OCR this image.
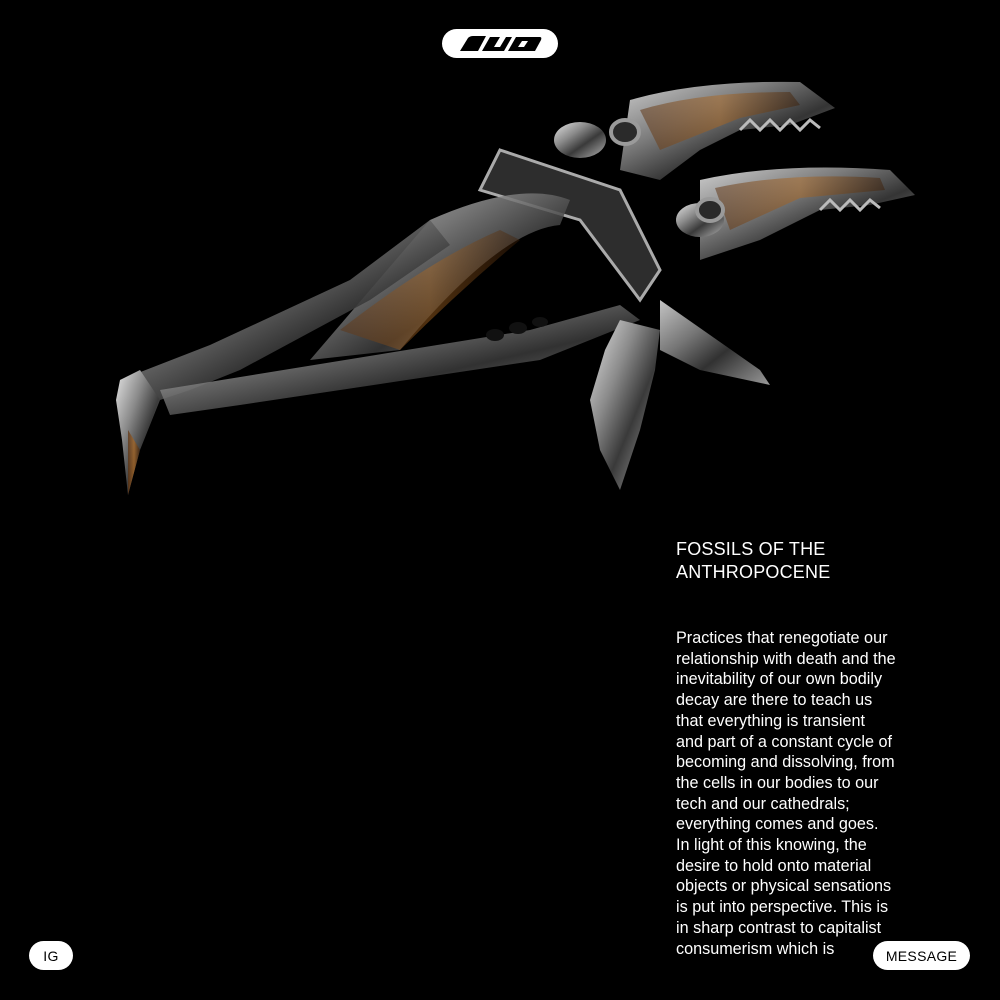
FOSSILS OF THE
ANTHROPOCENE

Practices that renegotiate our relationship with death and the inevitability of our own bodily decay are there to teach us that everything is transient and part of a constant cycle of becoming and dissolving, from the cells in our bodies to our tech and our cathedrals; everything comes and goes. In light of this knowing, the desire to hold onto material objects or physical sensations is put into perspective. This is in sharp contrast to capitalist consumerism which is

IG	MESSAGE
